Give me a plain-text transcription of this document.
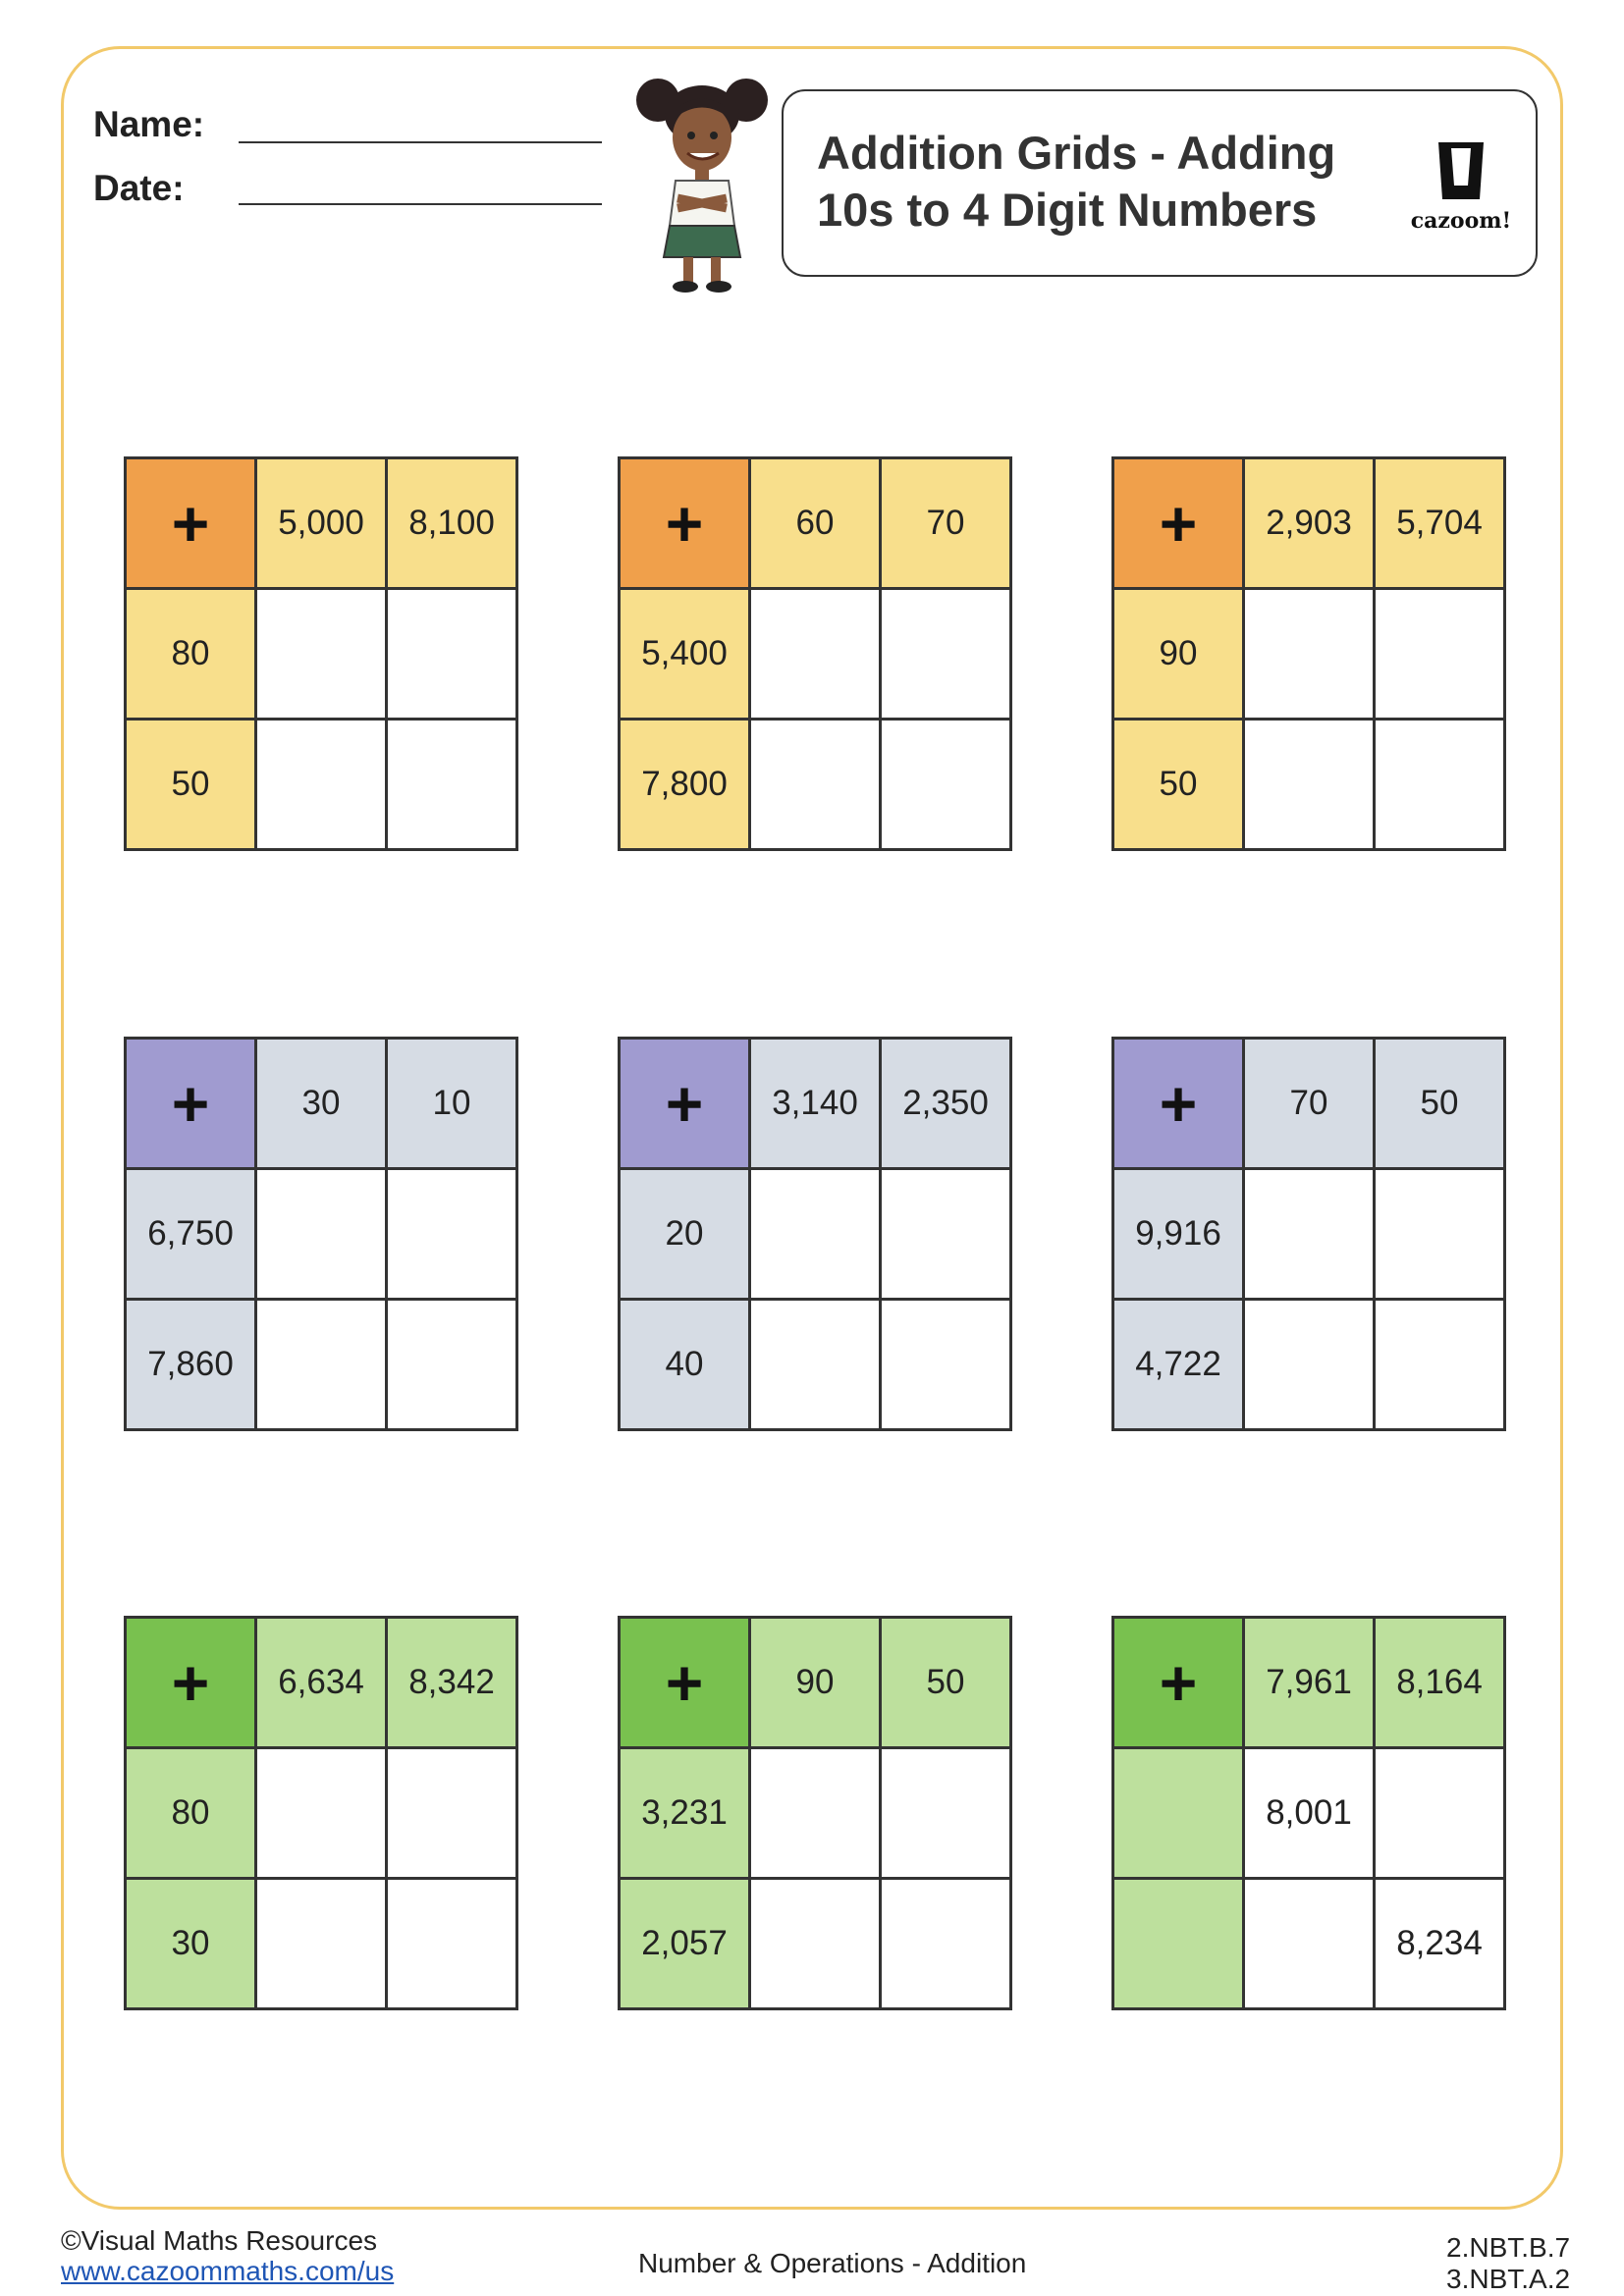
Name:
Date:
Addition Grids - Adding
10s to 4 Digit Numbers	cazoom!
+	5,000	8,100
80		
50		
+	60	70
5,400		
7,800		
+	2,903	5,704
90		
50		
+	30	10
6,750		
7,860		
+	3,140	2,350
20		
40		
+	70	50
9,916		
4,722		
+	6,634	8,342
80		
30		
+	90	50
3,231		
2,057		
+	7,961	8,164
	8,001	
		8,234
©Visual Maths Resources
www.cazoommaths.com/us	Number & Operations - Addition
2.NBT.B.7
3.NBT.A.2
